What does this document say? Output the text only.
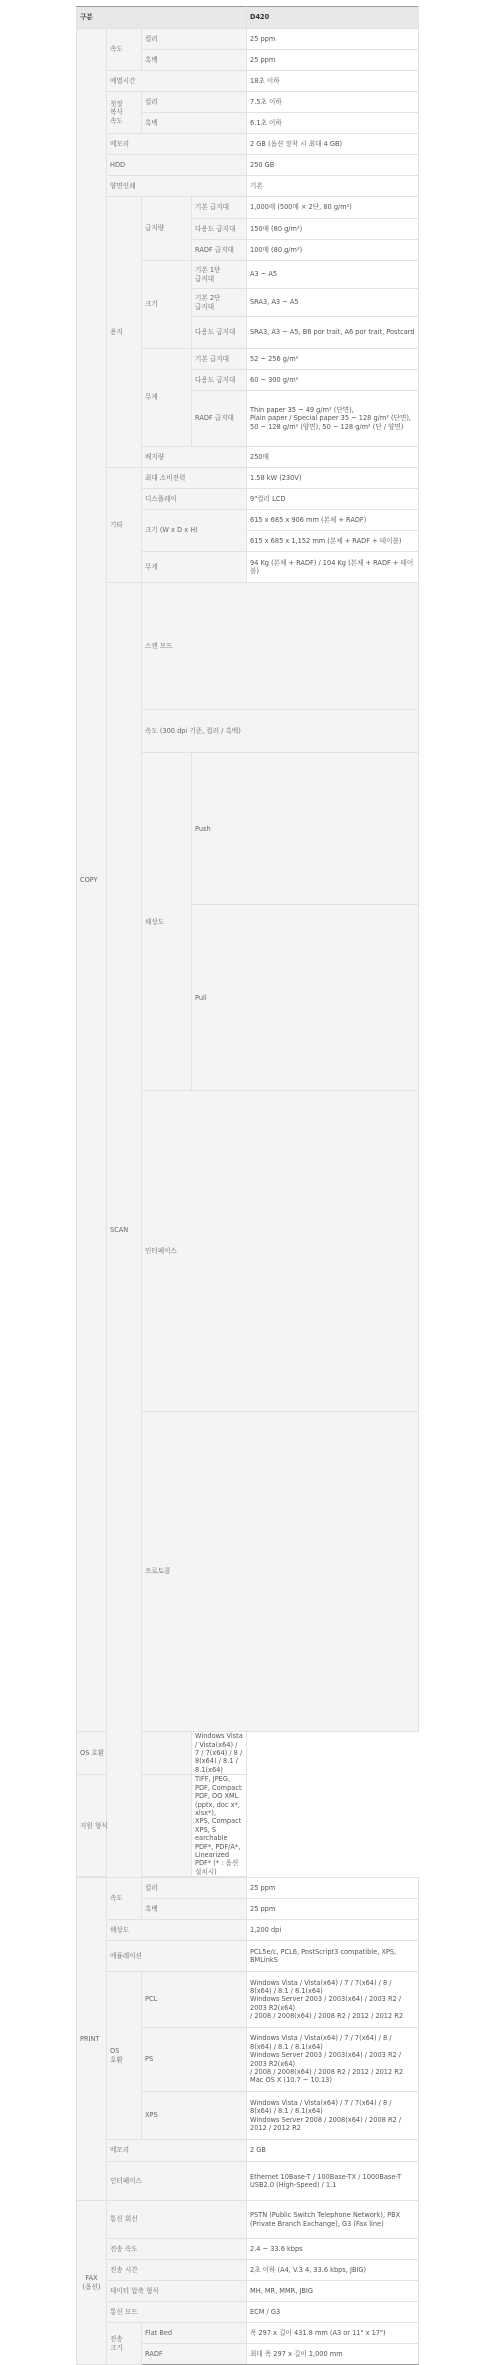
구분				D420	
COPY	속도	컬러		25 ppm	
		흑백		25 ppm	
	예열시간			18초 이하	
	첫장
복사
속도	컬러		7.5초 이하	
		흑백		6.1초 이하	
	메모리			2 GB (옵션 장착 시 최대 4 GB)	
	HDD			250 GB	
	양면인쇄			기본	
	용지	급지량	기본 급지대	1,000매 (500매 × 2단, 80 g/m²)	
			다용도 급지대	150매 (80 g/m²)	
			RADF 급지대	100매 (80 g/m²)	
		크기	기본 1단
급지대	A3 ~ A5	
			기본 2단
급지대	SRA3, A3 ~ A5	
			다용도 급지대	SRA3, A3 ~ A5, B6 por trait, A6 por trait, Postcard	
		무게	기본 급지대	52 ~ 256 g/m²	
			다용도 급지대	60 ~ 300 g/m²	
			RADF 급지대	Thin paper 35 ~ 49 g/m² (단면),
Plain paper / Special paper 35 ~ 128 g/m² (단면),
50 ~ 128 g/m² (양면), 50 ~ 128 g/m² (단 / 양면)	
		배지량		250매	
	기타	최대 소비전력		1.58 kW (230V)	
		디스플레이		9"컬러 LCD	
		크기 (W x D x H)		615 x 685 x 906 mm (본체 + RADF)	
				615 x 685 x 1,152 mm (본체 + RADF + 테이블)	
		무게		94 Kg (본체 + RADF) / 104 Kg (본체 + RADF + 테이블)	
	SCAN	스캔 모드	
		속도 (300 dpi 기준, 컬러 / 흑백)	
		해상도	Push	
			Pull	
		인터페이스	
		프로토콜	
OS 호환			Windows Vista / Vista(x64) / 7 / 7(x64) / 8 / 8(x64) / 8.1 / 8.1(x64)		
지원 형식			TIFF, JPEG, PDF, Compact PDF, OO XML (pptx, doc x*, xlsx*),
XPS, Compact XPS, S earchable PDF*, PDF/A*, Linearized PDF* (* : 옵션 설치시)		

PRINT	속도	컬러		25 ppm	
		흑백		25 ppm	
	해상도			1,200 dpi	
	에뮬레이션			PCL5e/c, PCL6, PostScript3 compatible, XPS, BMLinkS	
	OS
호환	PCL		Windows Vista / Vista(x64) / 7 / 7(x64) / 8 / 8(x64) / 8.1 / 8.1(x64)
Windows Server 2003 / 2003(x64) / 2003 R2 / 2003 R2(x64)
/ 2008 / 2008(x64) / 2008 R2 / 2012 / 2012 R2	
		PS		Windows Vista / Vista(x64) / 7 / 7(x64) / 8 / 8(x64) / 8.1 / 8.1(x64)
Windows Server 2003 / 2003(x64) / 2003 R2 / 2003 R2(x64)
/ 2008 / 2008(x64) / 2008 R2 / 2012 / 2012 R2
Mac OS X (10.7 ~ 10.13)	
		XPS		Windows Vista / Vista(x64) / 7 / 7(x64) / 8 / 8(x64) / 8.1 / 8.1(x64)
Windows Server 2008 / 2008(x64) / 2008 R2 / 2012 / 2012 R2	
	메모리			2 GB	
	인터페이스			Ethernet 10Base-T / 100Base-TX / 1000Base-T
USB2.0 (High-Speed) / 1.1	
FAX
(옵션)	통신 회선			PSTN (Public Switch Telephone Network), PBX (Private Branch Exchange), G3 (Fax line)	
	전송 속도			2.4 ~ 33.6 kbps	
	전송 시간			2초 이하 (A4, V.3 4, 33.6 kbps, JBIG)	
	데이터 압축 형식			MH, MR, MMR, JBIG	
	통신 모드			ECM / G3	
	전송
크기	Flat Bed		폭 297 x 길이 431.8 mm (A3 or 11" x 17")	
		RADF		최대 폭 297 x 길이 1,000 mm	
